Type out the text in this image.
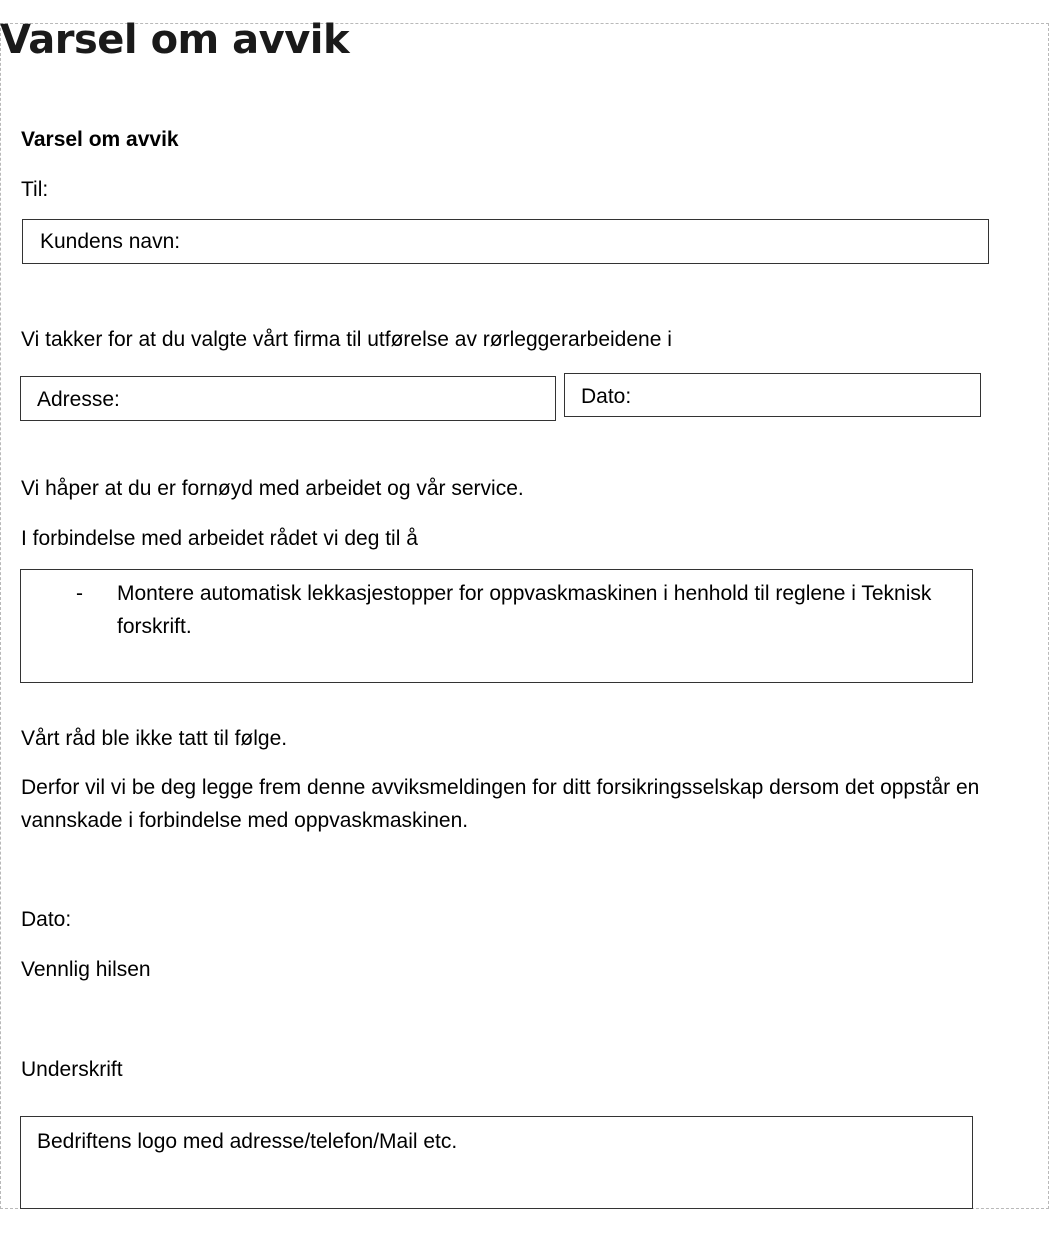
Varsel om avvik
Varsel om avvik
Til:
Kundens navn:
Vi takker for at du valgte vårt firma til utførelse av rørleggerarbeidene i
Adresse:	Dato:
Vi håper at du er fornøyd med arbeidet og vår service.
I forbindelse med arbeidet rådet vi deg til å
-	Montere automatisk lekkasjestopper for oppvaskmaskinen i henhold til reglene i Teknisk forskrift.
Vårt råd ble ikke tatt til følge.
Derfor vil vi be deg legge frem denne avviksmeldingen for ditt forsikringsselskap dersom det oppstår en vannskade i forbindelse med oppvaskmaskinen.
Dato:
Vennlig hilsen
Underskrift
Bedriftens logo med adresse/telefon/Mail etc.
